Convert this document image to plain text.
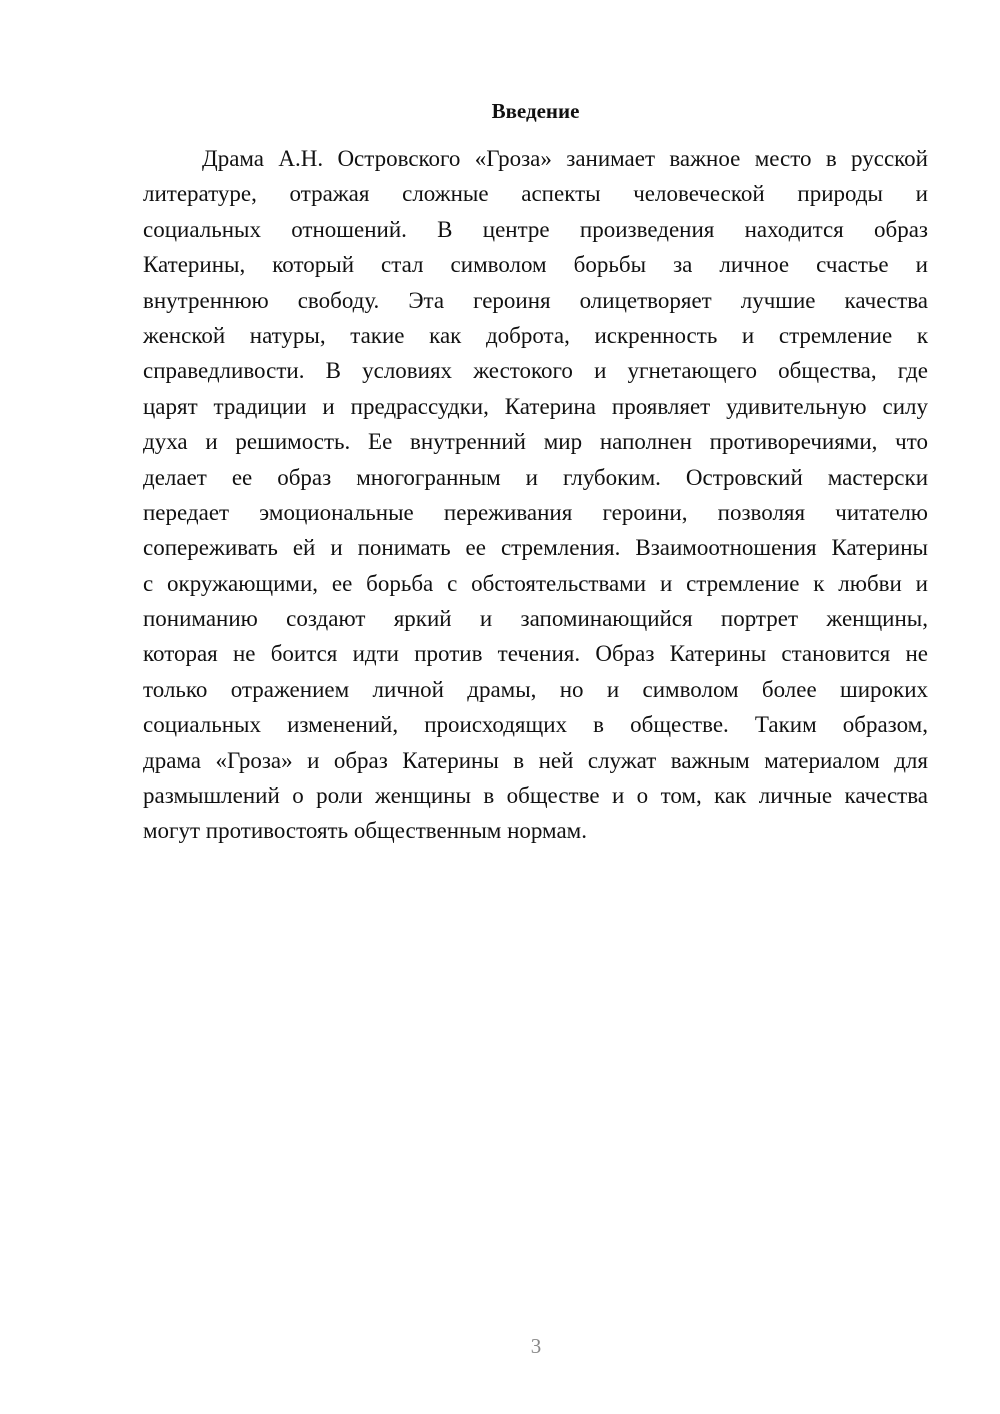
Введение
Драма А.Н. Островского «Гроза» занимает важное место в русской
литературе, отражая сложные аспекты человеческой природы и
социальных отношений. В центре произведения находится образ
Катерины, который стал символом борьбы за личное счастье и
внутреннюю свободу. Эта героиня олицетворяет лучшие качества
женской натуры, такие как доброта, искренность и стремление к
справедливости. В условиях жестокого и угнетающего общества, где
царят традиции и предрассудки, Катерина проявляет удивительную силу
духа и решимость. Ее внутренний мир наполнен противоречиями, что
делает ее образ многогранным и глубоким. Островский мастерски
передает эмоциональные переживания героини, позволяя читателю
сопереживать ей и понимать ее стремления. Взаимоотношения Катерины
с окружающими, ее борьба с обстоятельствами и стремление к любви и
пониманию создают яркий и запоминающийся портрет женщины,
которая не боится идти против течения. Образ Катерины становится не
только отражением личной драмы, но и символом более широких
социальных изменений, происходящих в обществе. Таким образом,
драма «Гроза» и образ Катерины в ней служат важным материалом для
размышлений о роли женщины в обществе и о том, как личные качества
могут противостоять общественным нормам.
3
